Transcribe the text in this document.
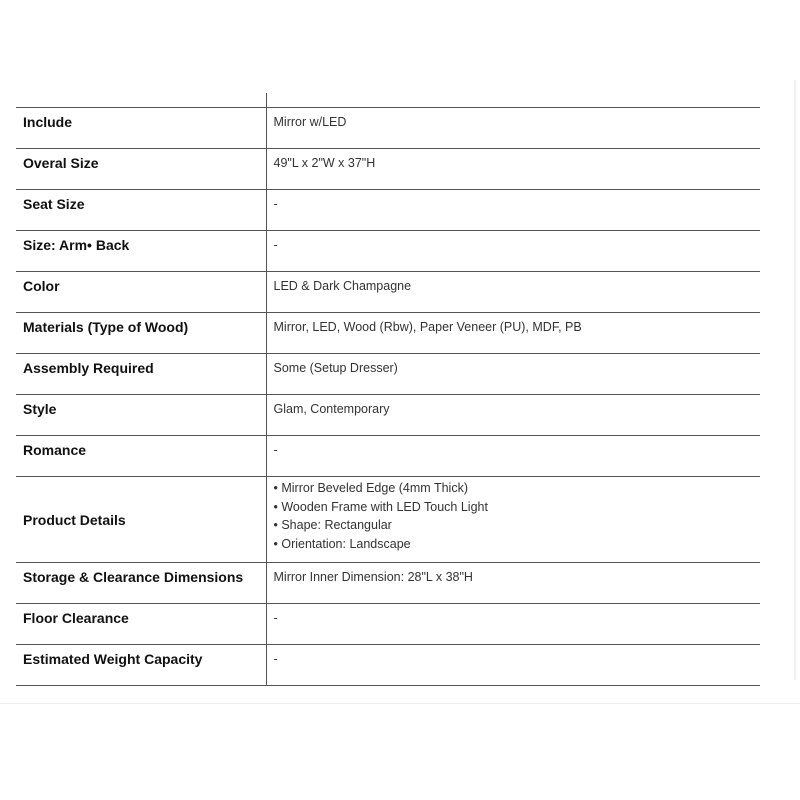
Include	Mirror w/LED
Overal Size	49"L x 2"W x 37"H
Seat Size	-
Size: Arm• Back	-
Color	LED & Dark Champagne
Materials (Type of Wood)	Mirror, LED, Wood (Rbw), Paper Veneer (PU), MDF, PB
Assembly Required	Some (Setup Dresser)
Style	Glam, Contemporary
Romance	-
Product Details	• Mirror Beveled Edge (4mm Thick)
• Wooden Frame with LED Touch Light
• Shape: Rectangular
• Orientation: Landscape

Storage & Clearance Dimensions	Mirror Inner Dimension: 28"L x 38"H
Floor Clearance	-
Estimated Weight Capacity	-
